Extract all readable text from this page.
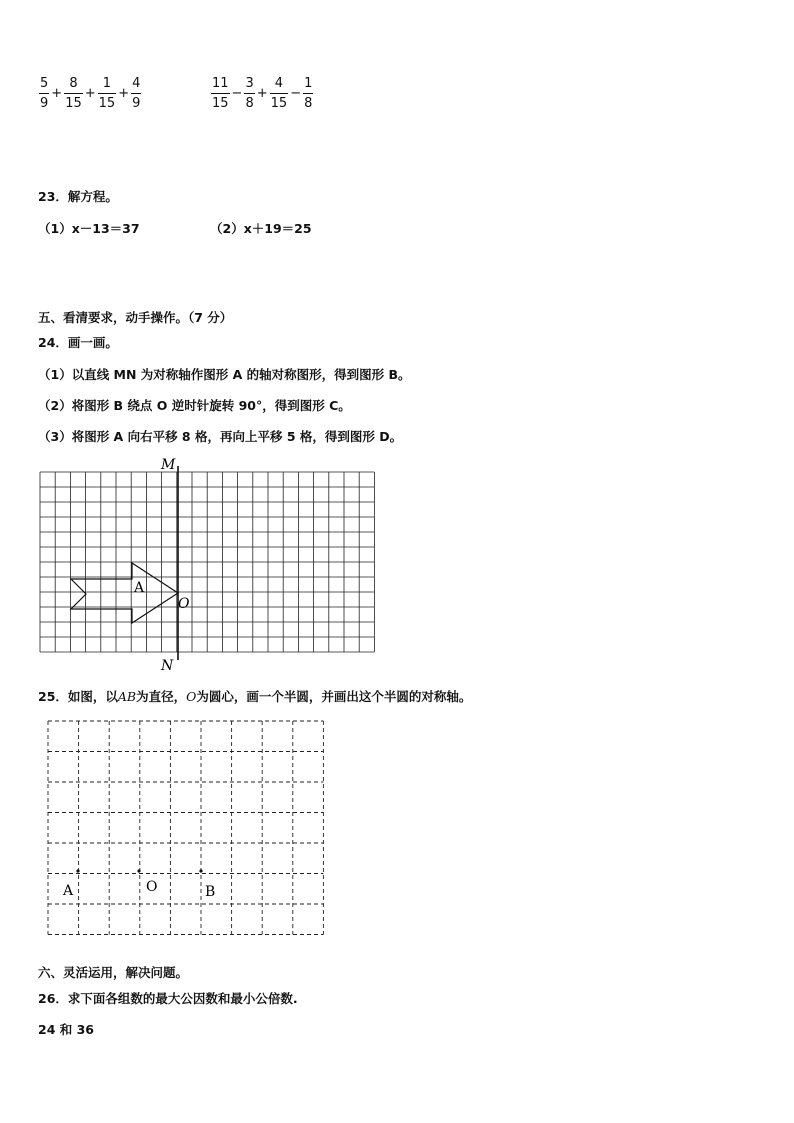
$\frac{5}{9} + \frac{8}{15} + \frac{1}{15} + \frac{4}{9}$	$\frac{11}{15} - \frac{3}{8} + \frac{4}{15} - \frac{1}{8}$
23．解方程。
（1）x－13＝37	（2）x＋19＝25
五、看清要求，动手操作。（7 分）
24．画一画。
（1）以直线 MN 为对称轴作图形 A 的轴对称图形，得到图形 B。
（2）将图形 B 绕点 O 逆时针旋转 90°，得到图形 C。
（3）将图形 A 向右平移 8 格，再向上平移 5 格，得到图形 D。
M
N
O
A
25．如图，以AB为直径，O为圆心，画一个半圆，并画出这个半圆的对称轴。
A	O	B
六、灵活运用，解决问题。
26．求下面各组数的最大公因数和最小公倍数.
24 和 36
